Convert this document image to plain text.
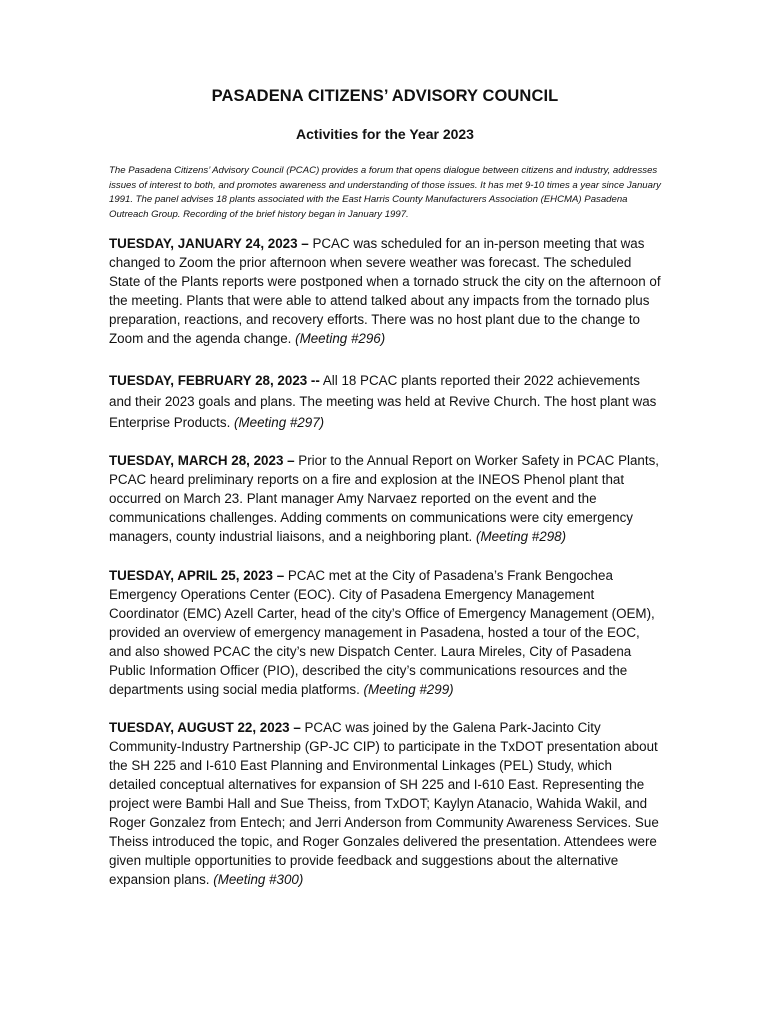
PASADENA CITIZENS’ ADVISORY COUNCIL
Activities for the Year 2023
The Pasadena Citizens’ Advisory Council (PCAC) provides a forum that opens dialogue between citizens and industry, addresses issues of interest to both, and promotes awareness and understanding of those issues. It has met 9-10 times a year since January 1991. The panel advises 18 plants associated with the East Harris County Manufacturers Association (EHCMA) Pasadena Outreach Group. Recording of the brief history began in January 1997.
TUESDAY, JANUARY 24, 2023 – PCAC was scheduled for an in-person meeting that was changed to Zoom the prior afternoon when severe weather was forecast. The scheduled State of the Plants reports were postponed when a tornado struck the city on the afternoon of the meeting. Plants that were able to attend talked about any impacts from the tornado plus preparation, reactions, and recovery efforts. There was no host plant due to the change to Zoom and the agenda change. (Meeting #296)
TUESDAY, FEBRUARY 28, 2023 -- All 18 PCAC plants reported their 2022 achievements and their 2023 goals and plans. The meeting was held at Revive Church. The host plant was Enterprise Products. (Meeting #297)
TUESDAY, MARCH 28, 2023 – Prior to the Annual Report on Worker Safety in PCAC Plants, PCAC heard preliminary reports on a fire and explosion at the INEOS Phenol plant that occurred on March 23. Plant manager Amy Narvaez reported on the event and the communications challenges. Adding comments on communications were city emergency managers, county industrial liaisons, and a neighboring plant. (Meeting #298)
TUESDAY, APRIL 25, 2023 – PCAC met at the City of Pasadena’s Frank Bengochea Emergency Operations Center (EOC). City of Pasadena Emergency Management Coordinator (EMC) Azell Carter, head of the city’s Office of Emergency Management (OEM), provided an overview of emergency management in Pasadena, hosted a tour of the EOC, and also showed PCAC the city’s new Dispatch Center. Laura Mireles, City of Pasadena Public Information Officer (PIO), described the city’s communications resources and the departments using social media platforms. (Meeting #299)
TUESDAY, AUGUST 22, 2023 – PCAC was joined by the Galena Park-Jacinto City Community-Industry Partnership (GP-JC CIP) to participate in the TxDOT presentation about the SH 225 and I-610 East Planning and Environmental Linkages (PEL) Study, which detailed conceptual alternatives for expansion of SH 225 and I-610 East. Representing the project were Bambi Hall and Sue Theiss, from TxDOT; Kaylyn Atanacio, Wahida Wakil, and Roger Gonzalez from Entech; and Jerri Anderson from Community Awareness Services. Sue Theiss introduced the topic, and Roger Gonzales delivered the presentation. Attendees were given multiple opportunities to provide feedback and suggestions about the alternative expansion plans. (Meeting #300)
